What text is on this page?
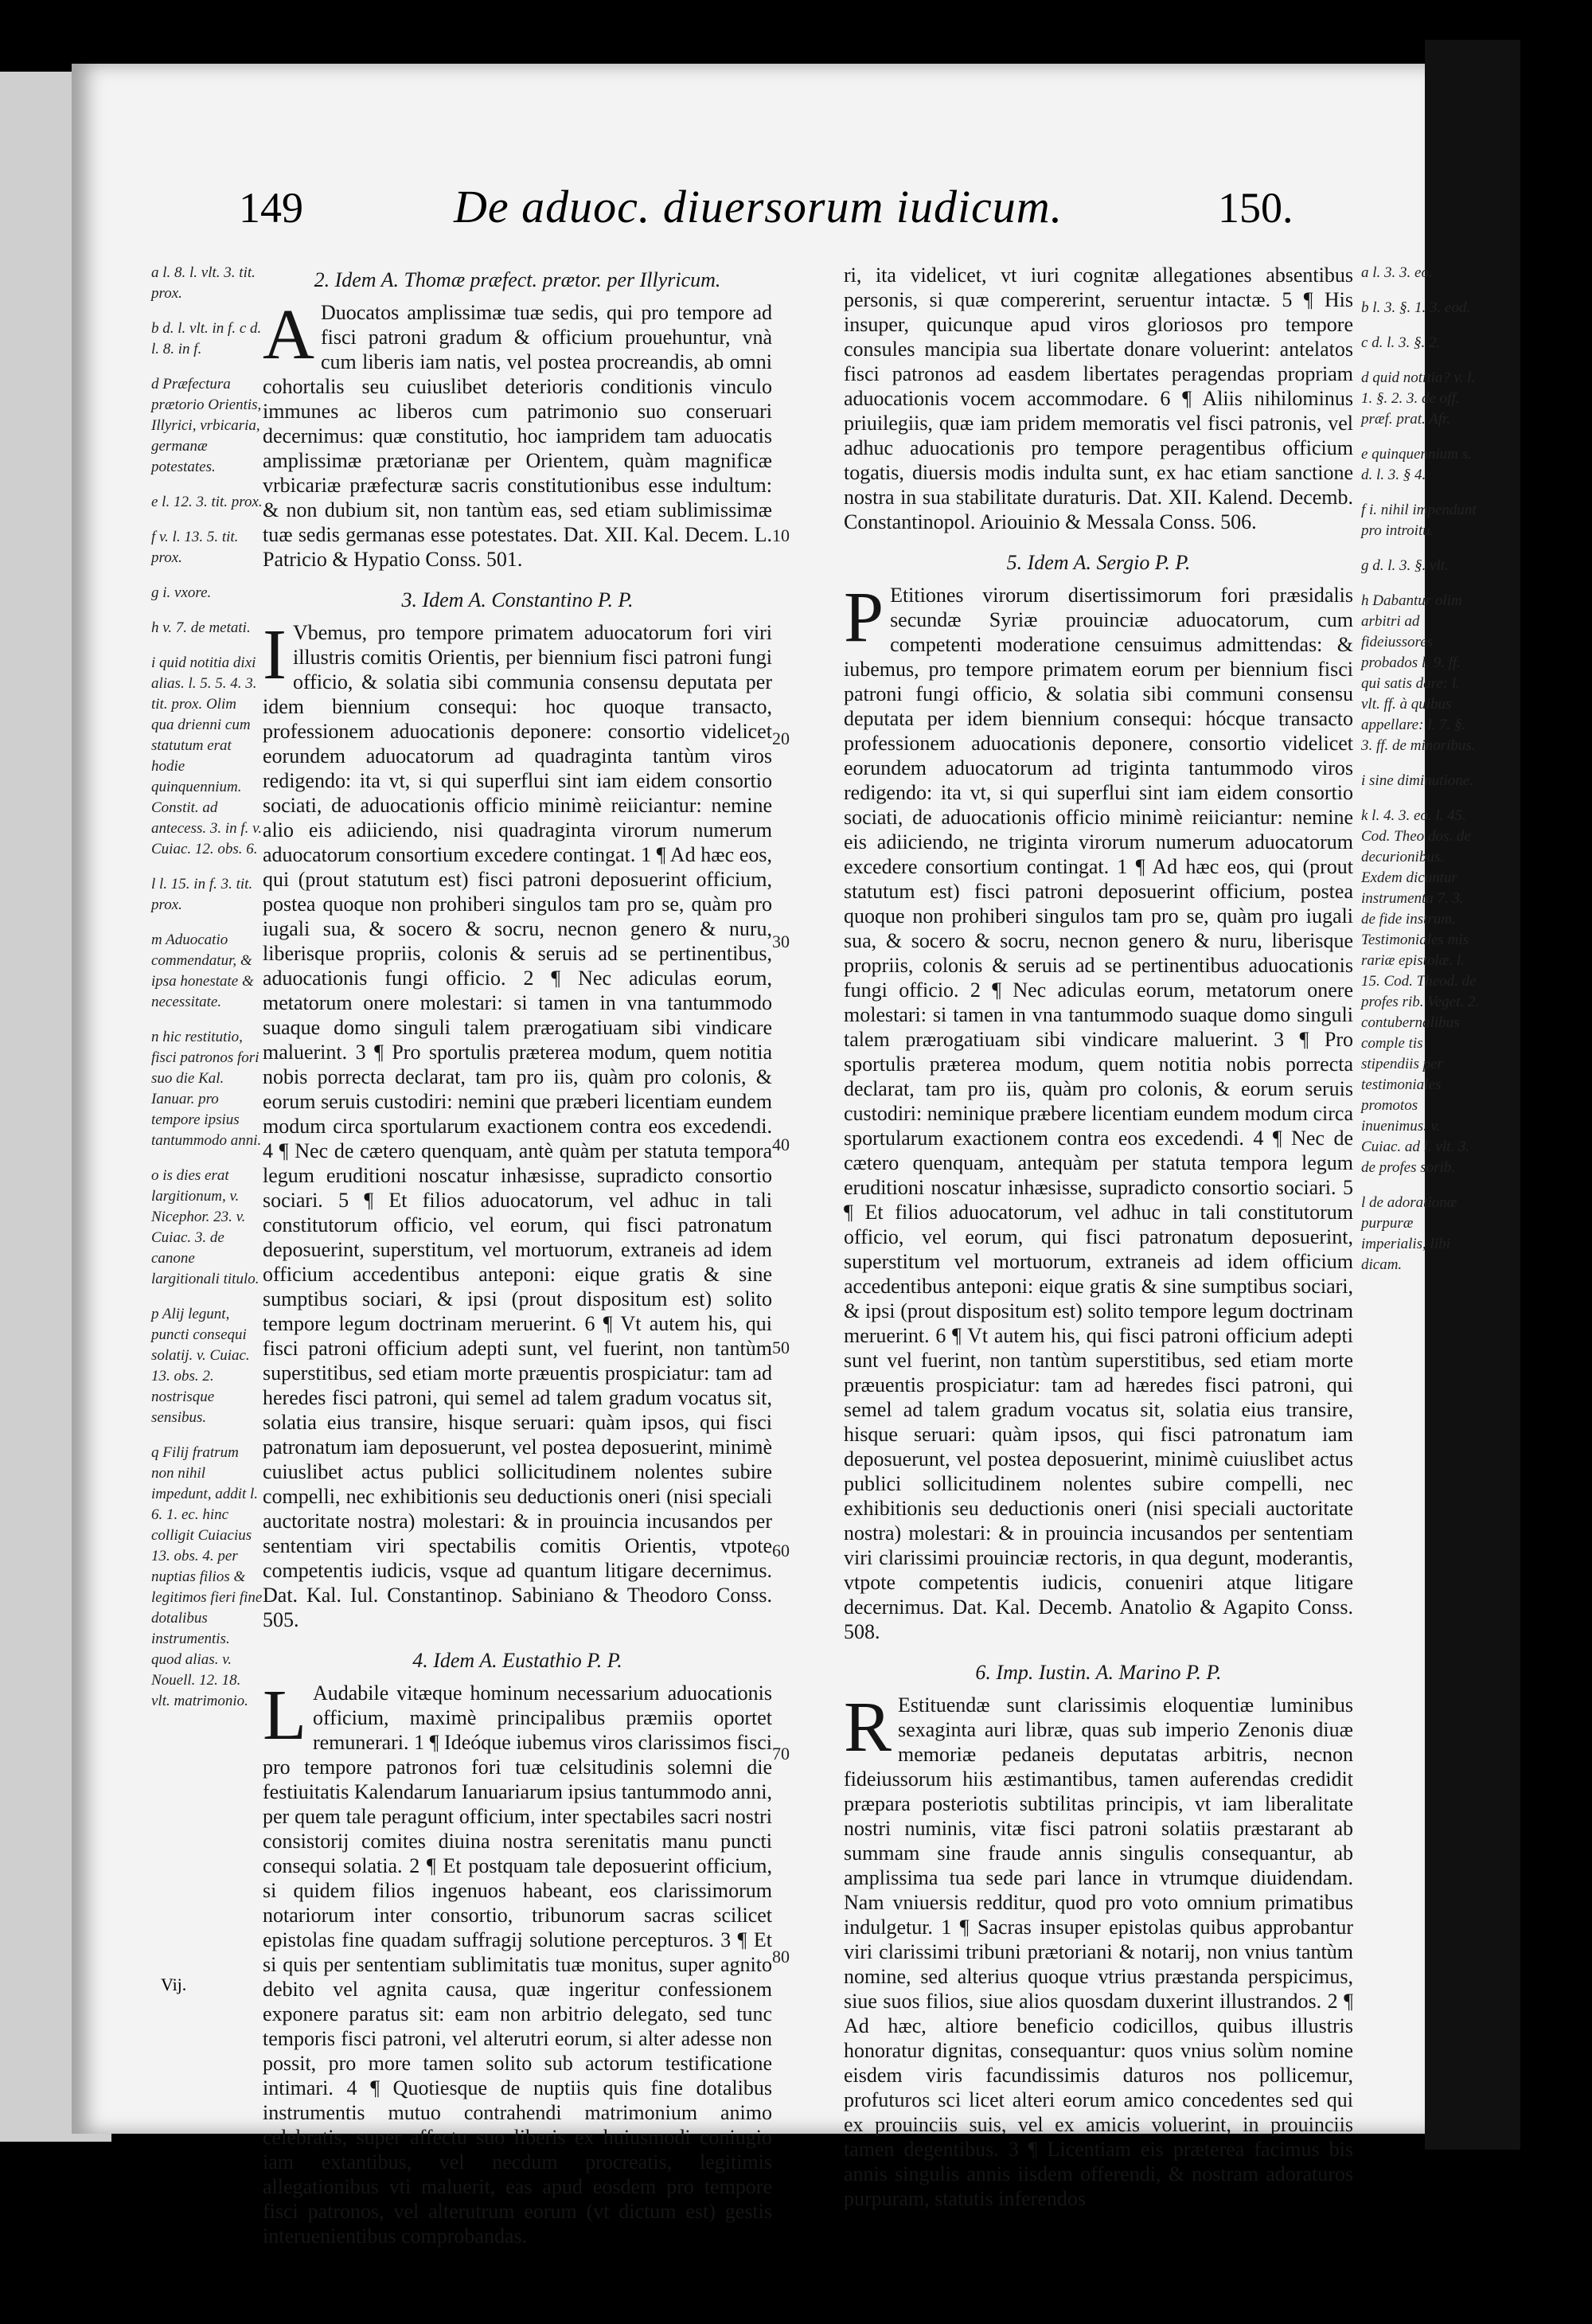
149	De aduoc. diuersorum iudicum.	150.
a l. 8. l. vlt. 3. tit. prox.
b d. l. vlt. in f. c d. l. 8. in f.
d Præfectura prætorio Orientis, Illyrici, vrbicaria, germanæ potestates.
e l. 12. 3. tit. prox.
f v. l. 13. 5. tit. prox.
g i. vxore.
h v. 7. de metati.
i quid notitia dixi alias. l. 5. 5. 4. 3. tit. prox. Olim qua drienni cum statutum erat hodie quinquennium. Constit. ad antecess. 3. in f. v. Cuiac. 12. obs. 6.
l l. 15. in f. 3. tit. prox.
m Aduocatio commendatur, & ipsa honestate & necessitate.
n hic restitutio, fisci patronos fori suo die Kal. Ianuar. pro tempore ipsius tantummodo anni.
o is dies erat largitionum, v. Nicephor. 23. v. Cuiac. 3. de canone largitionali titulo.
p Alij legunt, puncti consequi solatij. v. Cuiac. 13. obs. 2. nostrisque sensibus.
q Filij fratrum non nihil impedunt, addit l. 6. 1. ec. hinc colligit Cuiacius 13. obs. 4. per nuptias filios & legitimos fieri fine dotalibus instrumentis. quod alias. v. Nouell. 12. 18. vlt. matrimonio.
2. Idem A. Thomæ præfect. prætor. per Illyricum.
A Duocatos amplissimæ tuæ sedis, qui pro tempore ad fisci patroni gradum & officium prouehuntur, vnà cum liberis iam natis, vel postea procreandis, ab omni cohortalis seu cuiuslibet deterioris conditionis vinculo immunes ac liberos cum patrimonio suo conseruari decernimus: quæ constitutio, hoc iampridem tam aduocatis amplissimæ prætorianæ per Orientem, quàm magnificæ vrbicariæ præfecturæ sacris constitutionibus esse indultum: & non dubium sit, non tantùm eas, sed etiam sublimissimæ tuæ sedis germanas esse potestates. Dat. XII. Kal. Decem. L. Patricio & Hypatio Conss. 501.
3. Idem A. Constantino P. P.
I Vbemus, pro tempore primatem aduocatorum fori viri illustris comitis Orientis, per biennium fisci patroni fungi officio, & solatia sibi communia consensu deputata per idem biennium consequi: hoc quoque transacto, professionem aduocationis deponere: consortio videlicet eorundem aduocatorum ad quadraginta tantùm viros redigendo: ita vt, si qui superflui sint iam eidem consortio sociati, de aduocationis officio minimè reiiciantur: nemine alio eis adiiciendo, nisi quadraginta virorum numerum aduocatorum consortium excedere contingat. 1 ¶ Ad hæc eos, qui (prout statutum est) fisci patroni deposuerint officium, postea quoque non prohiberi singulos tam pro se, quàm pro iugali sua, & socero & socru, necnon genero & nuru, liberisque propriis, colonis & seruis ad se pertinentibus, aduocationis fungi officio. 2 ¶ Nec adiculas eorum, metatorum onere molestari: si tamen in vna tantummodo suaque domo singuli talem prærogatiuam sibi vindicare maluerint. 3 ¶ Pro sportulis præterea modum, quem notitia nobis porrecta declarat, tam pro iis, quàm pro colonis, & eorum seruis custodiri: nemini que præberi licentiam eundem modum circa sportularum exactionem contra eos excedendi. 4 ¶ Nec de cætero quenquam, antè quàm per statuta tempora legum eruditioni noscatur inhæsisse, supradicto consortio sociari. 5 ¶ Et filios aduocatorum, vel adhuc in tali constitutorum officio, vel eorum, qui fisci patronatum deposuerint, superstitum, vel mortuorum, extraneis ad idem officium accedentibus anteponi: eique gratis & sine sumptibus sociari, & ipsi (prout dispositum est) solito tempore legum doctrinam meruerint. 6 ¶ Vt autem his, qui fisci patroni officium adepti sunt, vel fuerint, non tantùm superstitibus, sed etiam morte præuentis prospiciatur: tam ad heredes fisci patroni, qui semel ad talem gradum vocatus sit, solatia eius transire, hisque seruari: quàm ipsos, qui fisci patronatum iam deposuerunt, vel postea deposuerint, minimè cuiuslibet actus publici sollicitudinem nolentes subire compelli, nec exhibitionis seu deductionis oneri (nisi speciali auctoritate nostra) molestari: & in prouincia incusandos per sententiam viri spectabilis comitis Orientis, vtpote competentis iudicis, vsque ad quantum litigare decernimus. Dat. Kal. Iul. Constantinop. Sabiniano & Theodoro Conss. 505.
4. Idem A. Eustathio P. P.
L Audabile vitæque hominum necessarium aduocationis officium, maximè principalibus præmiis oportet remunerari. 1 ¶ Ideóque iubemus viros clarissimos fisci pro tempore patronos fori tuæ celsitudinis solemni die festiuitatis Kalendarum Ianuariarum ipsius tantummodo anni, per quem tale peragunt officium, inter spectabiles sacri nostri consistorij comites diuina nostra serenitatis manu puncti consequi solatia. 2 ¶ Et postquam tale deposuerint officium, si quidem filios ingenuos habeant, eos clarissimorum notariorum inter consortio, tribunorum sacras scilicet epistolas fine quadam suffragij solutione percepturos. 3 ¶ Et si quis per sententiam sublimitatis tuæ monitus, super agnito debito vel agnita causa, quæ ingeritur confessionem exponere paratus sit: eam non arbitrio delegato, sed tunc temporis fisci patroni, vel alterutri eorum, si alter adesse non possit, pro more tamen solito sub actorum testificatione intimari. 4 ¶ Quotiesque de nuptiis quis fine dotalibus instrumentis mutuo contrahendi matrimonium animo celebratis, super affectu suo liberis ex huiusmodi coniugio iam extantibus, vel necdum procreatis, legitimis allegationibus vti maluerit, eas apud eosdem pro tempore fisci patronos, vel alterutrum eorum (vt dictum est) gestis interuenientibus comprobandas.
10
20
30
40
50
60
70
80
ri, ita videlicet, vt iuri cognitæ allegationes absentibus personis, si quæ compererint, seruentur intactæ. 5 ¶ His insuper, quicunque apud viros gloriosos pro tempore consules mancipia sua libertate donare voluerint: antelatos fisci patronos ad easdem libertates peragendas propriam aduocationis vocem accommodare. 6 ¶ Aliis nihilominus priuilegiis, quæ iam pridem memoratis vel fisci patronis, vel adhuc aduocationis pro tempore peragentibus officium togatis, diuersis modis indulta sunt, ex hac etiam sanctione nostra in sua stabilitate duraturis. Dat. XII. Kalend. Decemb. Constantinopol. Ariouinio & Messala Conss. 506.
5. Idem A. Sergio P. P.
P Etitiones virorum disertissimorum fori præsidalis secundæ Syriæ prouinciæ aduocatorum, cum competenti moderatione censuimus admittendas: & iubemus, pro tempore primatem eorum per biennium fisci patroni fungi officio, & solatia sibi communi consensu deputata per idem biennium consequi: hócque transacto professionem aduocationis deponere, consortio videlicet eorundem aduocatorum ad triginta tantummodo viros redigendo: ita vt, si qui superflui sint iam eidem consortio sociati, de aduocationis officio minimè reiiciantur: nemine eis adiiciendo, ne triginta virorum numerum aduocatorum excedere consortium contingat. 1 ¶ Ad hæc eos, qui (prout statutum est) fisci patroni deposuerint officium, postea quoque non prohiberi singulos tam pro se, quàm pro iugali sua, & socero & socru, necnon genero & nuru, liberisque propriis, colonis & seruis ad se pertinentibus aduocationis fungi officio. 2 ¶ Nec adiculas eorum, metatorum onere molestari: si tamen in vna tantummodo suaque domo singuli talem prærogatiuam sibi vindicare maluerint. 3 ¶ Pro sportulis præterea modum, quem notitia nobis porrecta declarat, tam pro iis, quàm pro colonis, & eorum seruis custodiri: neminique præbere licentiam eundem modum circa sportularum exactionem contra eos excedendi. 4 ¶ Nec de cætero quenquam, antequàm per statuta tempora legum eruditioni noscatur inhæsisse, supradicto consortio sociari. 5 ¶ Et filios aduocatorum, vel adhuc in tali constitutorum officio, vel eorum, qui fisci patronatum deposuerint, superstitum vel mortuorum, extraneis ad idem officium accedentibus anteponi: eique gratis & sine sumptibus sociari, & ipsi (prout dispositum est) solito tempore legum doctrinam meruerint. 6 ¶ Vt autem his, qui fisci patroni officium adepti sunt vel fuerint, non tantùm superstitibus, sed etiam morte præuentis prospiciatur: tam ad hæredes fisci patroni, qui semel ad talem gradum vocatus sit, solatia eius transire, hisque seruari: quàm ipsos, qui fisci patronatum iam deposuerunt, vel postea deposuerint, minimè cuiuslibet actus publici sollicitudinem nolentes subire compelli, nec exhibitionis seu deductionis oneri (nisi speciali auctoritate nostra) molestari: & in prouincia incusandos per sententiam viri clarissimi prouinciæ rectoris, in qua degunt, moderantis, vtpote competentis iudicis, conueniri atque litigare decernimus. Dat. Kal. Decemb. Anatolio & Agapito Conss. 508.
6. Imp. Iustin. A. Marino P. P.
R Estituendæ sunt clarissimis eloquentiæ luminibus sexaginta auri libræ, quas sub imperio Zenonis diuæ memoriæ pedaneis deputatas arbitris, necnon fideiussorum hiis æstimantibus, tamen auferendas credidit præpara posteriotis subtilitas principis, vt iam liberalitate nostri numinis, vitæ fisci patroni solatiis præstarant ab summam sine fraude annis singulis consequantur, ab amplissima tua sede pari lance in vtrumque diuidendam. Nam vniuersis redditur, quod pro voto omnium primatibus indulgetur. 1 ¶ Sacras insuper epistolas quibus approbantur viri clarissimi tribuni prætoriani & notarij, non vnius tantùm nomine, sed alterius quoque vtrius præstanda perspicimus, siue suos filios, siue alios quosdam duxerint illustrandos. 2 ¶ Ad hæc, altiore beneficio codicillos, quibus illustris honoratur dignitas, consequantur: quos vnius solùm nomine eisdem viris facundissimis daturos nos pollicemur, profuturos sci licet alteri eorum amico concedentes sed qui ex prouinciis suis, vel ex amicis voluerint, in prouinciis tamen degentibus. 3 ¶ Licentiam eis præterea facimus bis annis singulis annis iisdem offerendi, & nostram adoraturos purpuram, statutis inferendos
a l. 3. 3. eo.
b l. 3. §. 1. 3. eod.
c d. l. 3. §. 2.
d quid notitia? v. l. 1. §. 2. 3. de off. præf. prat. Afr.
e quinquennium s. d. l. 3. § 4.
f i. nihil impendunt pro introitu.
g d. l. 3. §. vlt.
h Dabantur olim arbitri ad fideiussores probados l. 9. ff. qui satis dare: l. vlt. ff. à quibus appellare: l. 7. §. 3. ff. de minoribus.
i sine diminutione.
k l. 4. 3. eo. l. 45. Cod. Theo dos. de decurionibus. Exdem dicuntur instrumenta 7. 3. de fide instrum. Testimoniales mis rariæ epistolæ. l. 15. Cod. Theod. de profes rib. Veget. 2. contubernalibus comple tis stipendiis per testimoniales promotos inuenimus. v. Cuiac. ad l. vlt. 3. de profes sorib.
l de adorationæ purpuræ imperialis, libi dicam.
Vij.
